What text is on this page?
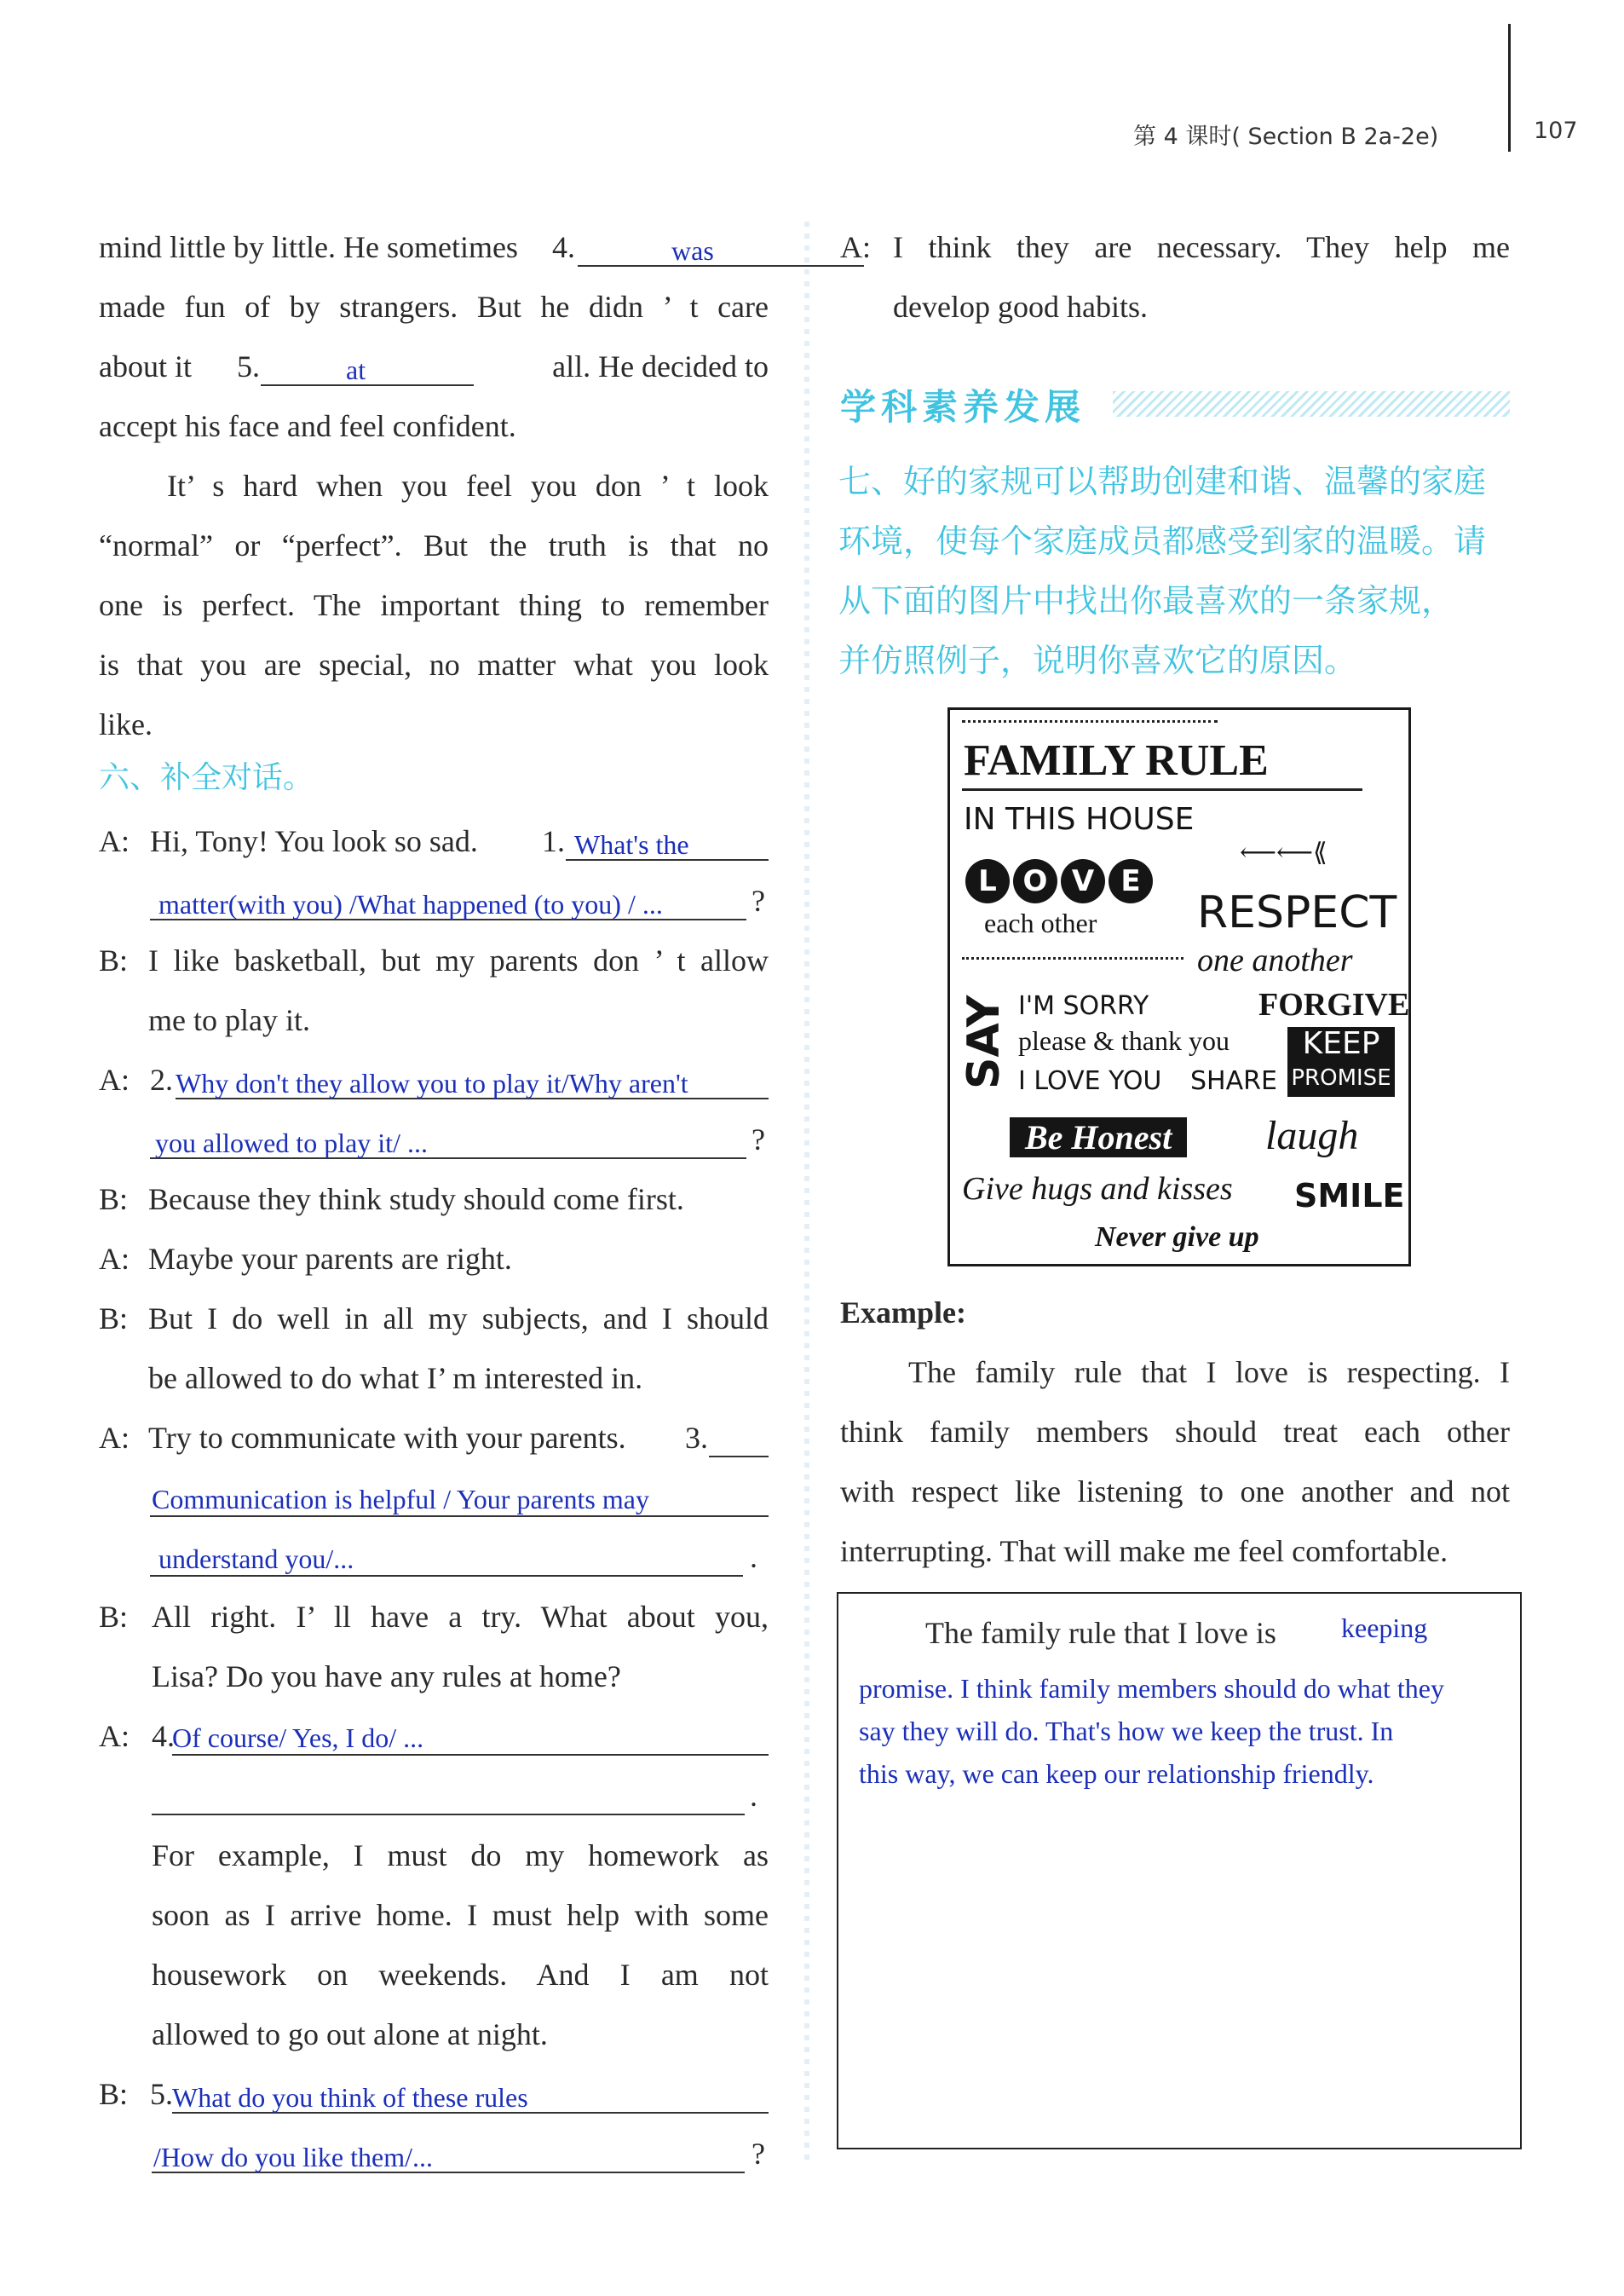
第 4 课时( Section B 2a-2e)	107
mind little by little. He sometimes 4.	was
made fun of by strangers. But he didn ’ t care
about it 5.	at	all. He decided to
accept his face and feel confident.
It’ s hard when you feel you don ’ t look
“normal” or “perfect”. But the truth is that no
one is perfect. The important thing to remember
is that you are special, no matter what you look
like.
六、补全对话。
A: Hi, Tony! You look so sad. 1. What's the
matter(with you) /What happened (to you) / ...	?
B: I like basketball, but my parents don ’ t allow
me to play it.
A: 2. Why don't they allow you to play it/Why aren't
you allowed to play it/ ...	?
B: Because they think study should come first.
A: Maybe your parents are right.
B: But I do well in all my subjects, and I should
be allowed to do what I’ m interested in.
A: Try to communicate with your parents. 3.
Communication is helpful / Your parents may
understand you/...	.
B: All right. I’ ll have a try. What about you,
Lisa? Do you have any rules at home?
A: 4.
Of course/ Yes, I do/ ...
.
For example, I must do my homework as
soon as I arrive home. I must help with some
housework on weekends. And I am not
allowed to go out alone at night.
B: 5. What do you think of these rules
/How do you like them/...	?
A: I think they are necessary. They help me
develop good habits.
学科素养发展
七、好的家规可以帮助创建和谐、温馨的家庭
环境，使每个家庭成员都感受到家的温暖。请
从下面的图片中找出你最喜欢的一条家规，
并仿照例子，说明你喜欢它的原因。
FAMILY RULE
IN THIS HOUSE
⟵⟵⟪
L O V E
each other RESPECT
one another
SAY I'M SORRY	FORGIVE
please & thank you	KEEP
PROMISE
I LOVE YOU SHARE
Be Honest	laugh
Give hugs and kisses SMILE
Never give up
Example:
The family rule that I love is respecting. I
think family members should treat each other
with respect like listening to one another and not
interrupting. That will make me feel comfortable.
The family rule that I love is keeping
promise. I think family members should do what they
say they will do. That's how we keep the trust. In
this way, we can keep our relationship friendly.
